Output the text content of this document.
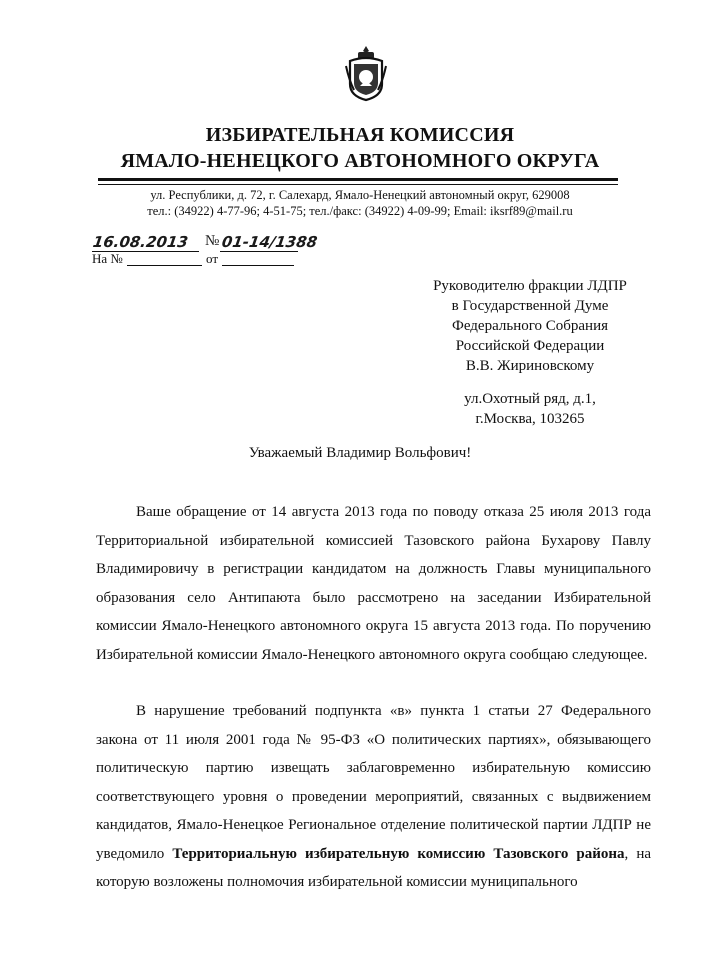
ИЗБИРАТЕЛЬНАЯ КОМИССИЯ
ЯМАЛО-НЕНЕЦКОГО АВТОНОМНОГО ОКРУГА

ул. Республики, д. 72, г. Салехард, Ямало-Ненецкий автономный округ, 629008

тел.: (34922) 4-77-96; 4-51-75; тел./факс: (34922) 4-09-99; Email: iksrf89@mail.ru

16.08.2013 № 01-14/1388
На №	от
Руководителю фракции ЛДПР
в Государственной Думе
Федерального Собрания
Российской Федерации
В.В. Жириновскому
ул.Охотный ряд, д.1,
г.Москва, 103265

Уважаемый Владимир Вольфович!

Ваше обращение от 14 августа 2013 года по поводу отказа 25 июля 2013 года Территориальной избирательной комиссией Тазовского района Бухарову Павлу Владимировичу в регистрации кандидатом на должность Главы муниципального образования село Антипаюта было рассмотрено на заседании Избирательной комиссии Ямало-Ненецкого автономного округа 15 августа 2013 года. По поручению Избирательной комиссии Ямало-Ненецкого автономного округа сообщаю следующее.

В нарушение требований подпункта «в» пункта 1 статьи 27 Федерального закона от 11 июля 2001 года № 95-ФЗ «О политических партиях», обязывающего политическую партию извещать заблаговременно избирательную комиссию соответствующего уровня о проведении мероприятий, связанных с выдвижением кандидатов, Ямало-Ненецкое Региональное отделение политической партии ЛДПР не уведомило Территориальную избирательную комиссию Тазовского района, на которую возложены полномочия избирательной комиссии муниципального
